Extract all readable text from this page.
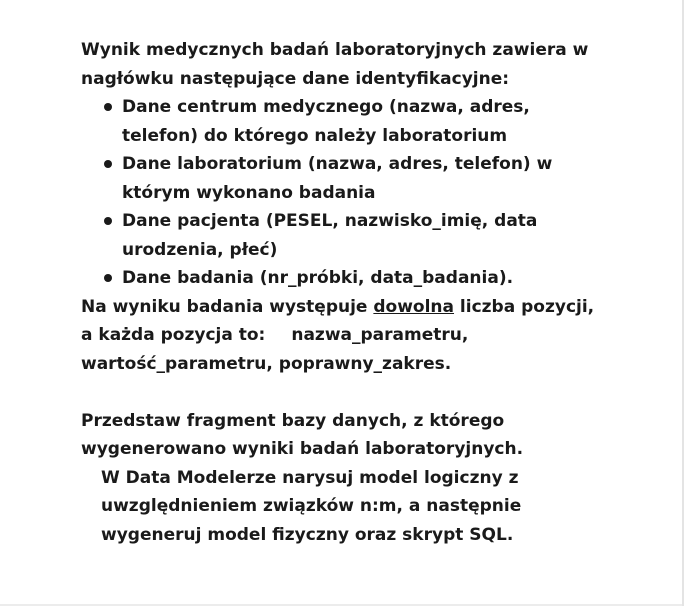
Wynik medycznych badań laboratoryjnych zawiera w
nagłówku następujące dane identyfikacyjne:
Dane centrum medycznego (nazwa, adres,
telefon) do którego należy laboratorium
Dane laboratorium (nazwa, adres, telefon) w
którym wykonano badania
Dane pacjenta (PESEL, nazwisko_imię, data
urodzenia, płeć)
Dane badania (nr_próbki, data_badania).
Na wyniku badania występuje dowolna liczba pozycji,
a każda pozycja to: nazwa_parametru,
wartość_parametru, poprawny_zakres.
Przedstaw fragment bazy danych, z którego
wygenerowano wyniki badań laboratoryjnych.
W Data Modelerze narysuj model logiczny z
uwzględnieniem związków n:m, a następnie
wygeneruj model fizyczny oraz skrypt SQL.
